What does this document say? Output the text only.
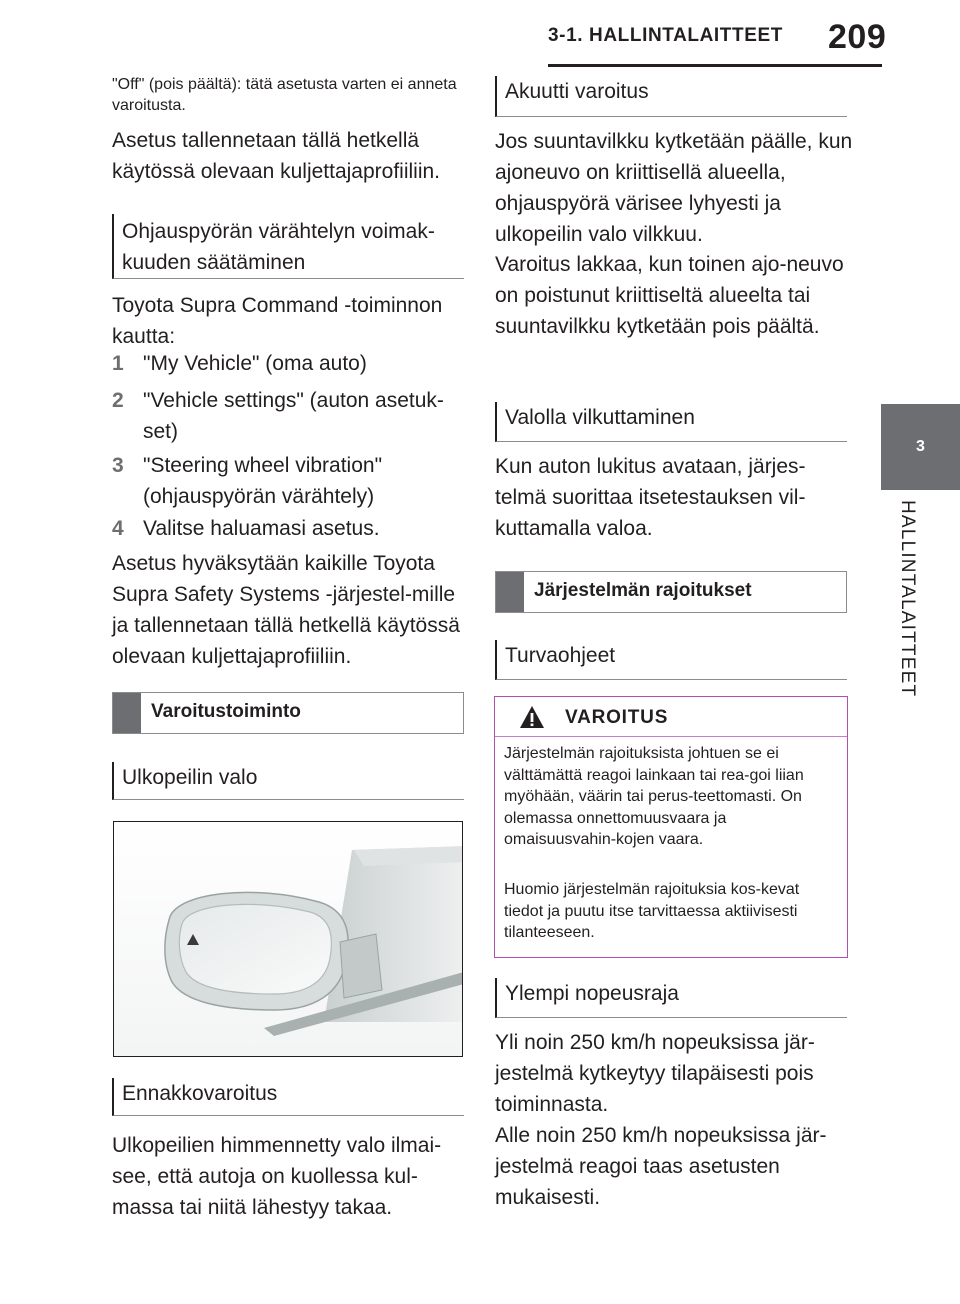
3-1. HALLINTALAITTEET 209
3
HALLINTALAITTEET
"Off" (pois päältä): tätä asetusta varten ei anneta varoitusta.
Asetus tallennetaan tällä hetkellä käytössä olevaan kuljettajaprofiiliin.
Ohjauspyörän värähtelyn voimak-
kuuden säätäminen
Toyota Supra Command -toiminnon kautta:
1 "My Vehicle" (oma auto)
2 "Vehicle settings" (auton asetuk-
set)
3 "Steering wheel vibration"
(ohjauspyörän värähtely)
4 Valitse haluamasi asetus.
Asetus hyväksytään kaikille Toyota Supra Safety Systems -järjestel-mille ja tallennetaan tällä hetkellä käytössä olevaan kuljettajaprofiiliin.
Varoitustoiminto
Ulkopeilin valo
Ennakkovaroitus
Ulkopeilien himmennetty valo ilmai-see, että autoja on kuollessa kul-massa tai niitä lähestyy takaa.
Akuutti varoitus
Jos suuntavilkku kytketään päälle, kun ajoneuvo on kriittisellä alueella, ohjauspyörä värisee lyhyesti ja ulkopeilin valo vilkkuu.
Varoitus lakkaa, kun toinen ajo-neuvo on poistunut kriittiseltä alueelta tai suuntavilkku kytketään pois päältä.
Valolla vilkuttaminen
Kun auton lukitus avataan, järjes-telmä suorittaa itsetestauksen vil-kuttamalla valoa.
Järjestelmän rajoitukset
Turvaohjeet
VAROITUS
Järjestelmän rajoituksista johtuen se ei välttämättä reagoi lainkaan tai rea-goi liian myöhään, väärin tai perus-teettomasti. On olemassa onnettomuusvaara ja omaisuusvahin-kojen vaara.
Huomio järjestelmän rajoituksia kos-kevat tiedot ja puutu itse tarvittaessa aktiivisesti tilanteeseen.
Ylempi nopeusraja
Yli noin 250 km/h nopeuksissa jär-jestelmä kytkeytyy tilapäisesti pois toiminnasta.
Alle noin 250 km/h nopeuksissa jär-jestelmä reagoi taas asetusten mukaisesti.
